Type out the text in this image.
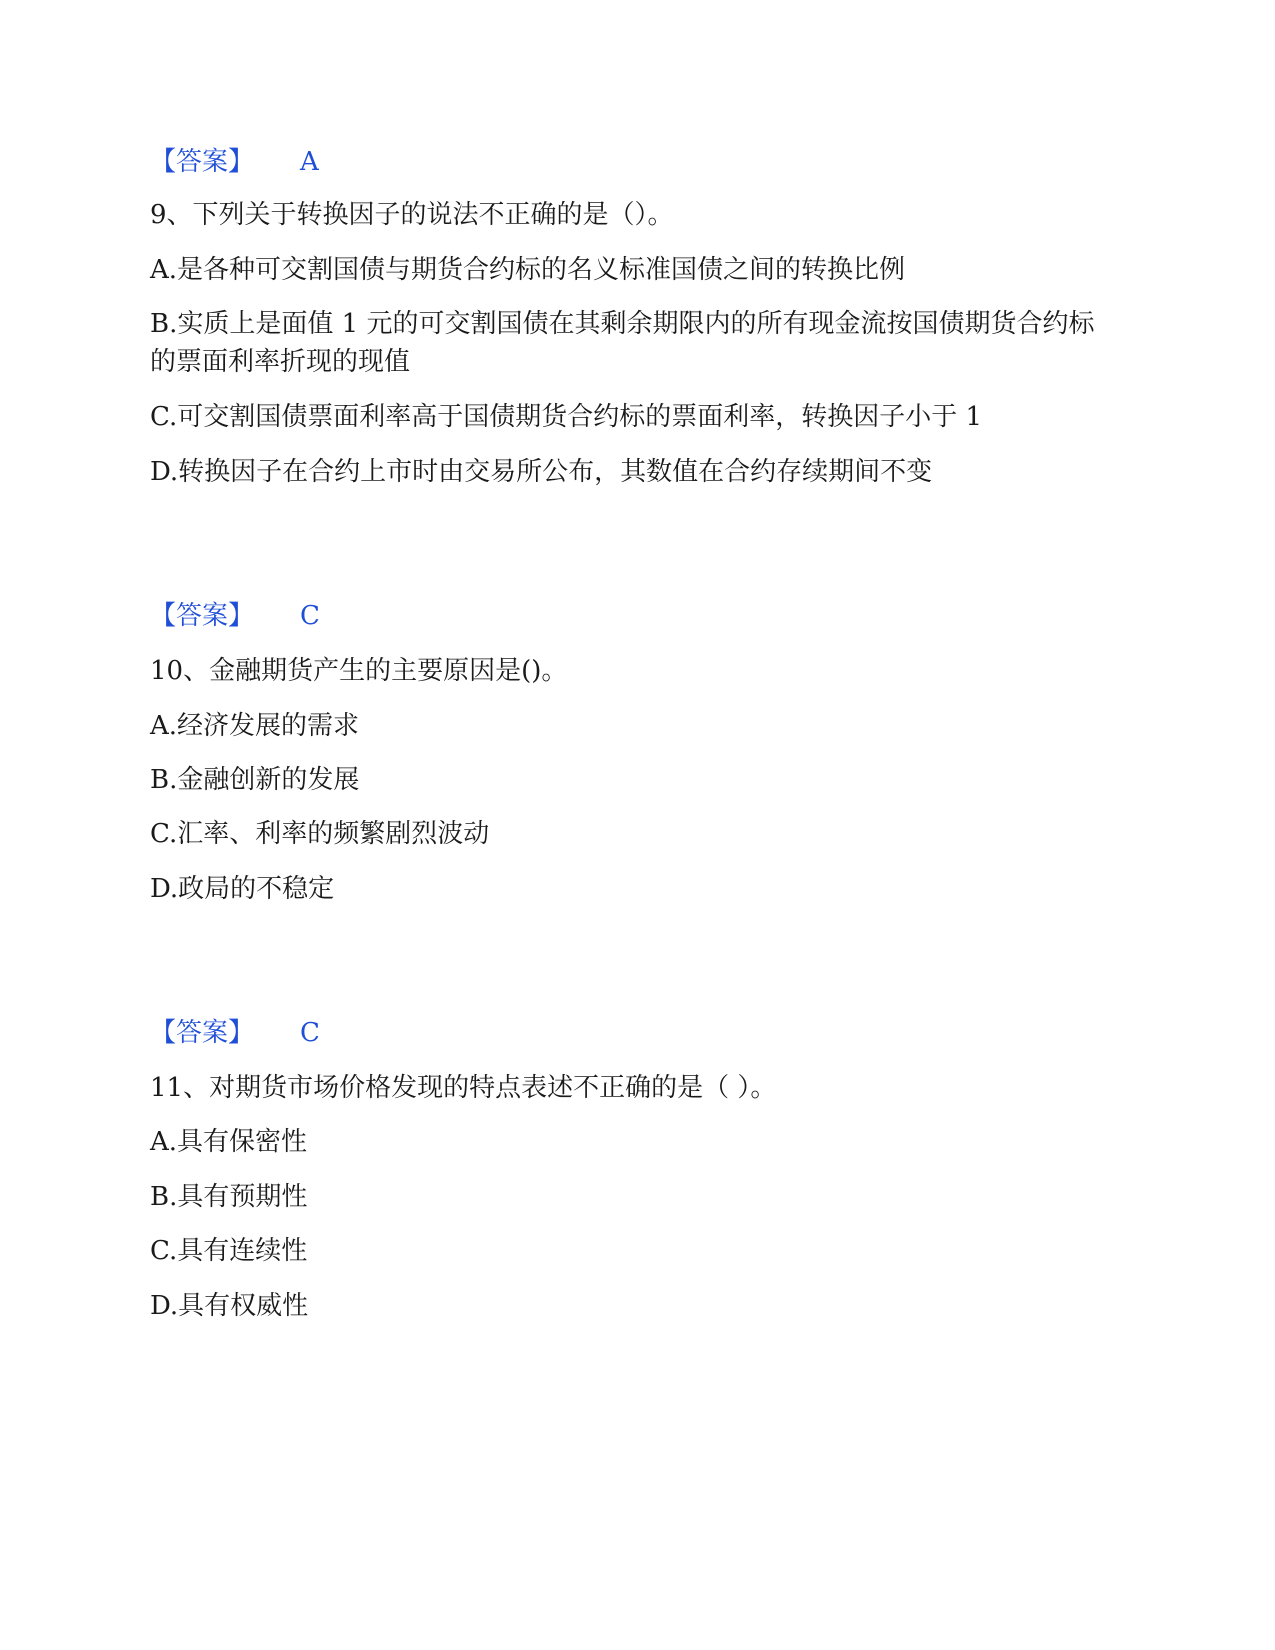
【答案】 A
9、下列关于转换因子的说法不正确的是（）。
A.是各种可交割国债与期货合约标的名义标准国债之间的转换比例
B.实质上是面值 1 元的可交割国债在其剩余期限内的所有现金流按国债期货合约标的票面利率折现的现值
C.可交割国债票面利率高于国债期货合约标的票面利率，转换因子小于 1
D.转换因子在合约上市时由交易所公布，其数值在合约存续期间不变
【答案】 C
10、金融期货产生的主要原因是()。
A.经济发展的需求
B.金融创新的发展
C.汇率、利率的频繁剧烈波动
D.政局的不稳定
【答案】 C
11、对期货市场价格发现的特点表述不正确的是（ ）。
A.具有保密性
B.具有预期性
C.具有连续性
D.具有权威性
